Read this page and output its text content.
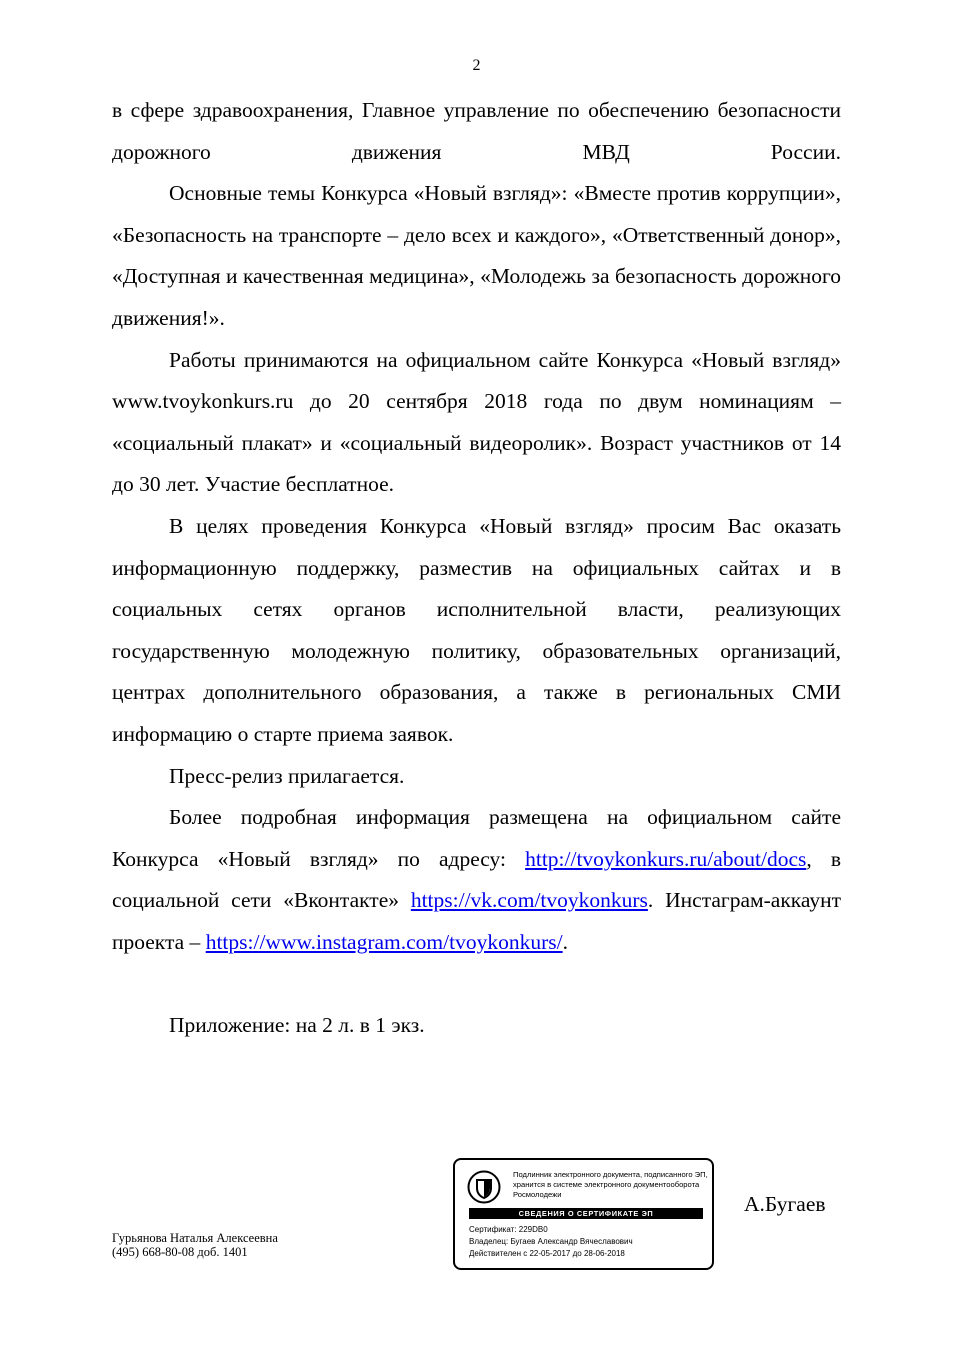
2

в сфере здравоохранения, Главное управление по обеспечению безопасности дорожного движения МВД России.

Основные темы Конкурса «Новый взгляд»: «Вместе против коррупции», «Безопасность на транспорте – дело всех и каждого», «Ответственный донор», «Доступная и качественная медицина», «Молодежь за безопасность дорожного движения!».

Работы принимаются на официальном сайте Конкурса «Новый взгляд» www.tvoykonkurs.ru до 20 сентября 2018 года по двум номинациям – «социальный плакат» и «социальный видеоролик». Возраст участников от 14 до 30 лет. Участие бесплатное.

В целях проведения Конкурса «Новый взгляд» просим Вас оказать информационную поддержку, разместив на официальных сайтах и в социальных сетях органов исполнительной власти, реализующих государственную молодежную политику, образовательных организаций, центрах дополнительного образования, а также в региональных СМИ информацию о старте приема заявок.

Пресс-релиз прилагается.

Более подробная информация размещена на официальном сайте Конкурса «Новый взгляд» по адресу: http://tvoykonkurs.ru/about/docs, в социальной сети «Вконтакте» https://vk.com/tvoykonkurs. Инстаграм-аккаунт проекта – https://www.instagram.com/tvoykonkurs/.

Приложение: на 2 л. в 1 экз.

Подлинник электронного документа, подписанного ЭП, хранится в системе электронного документооборота Росмолодежи
СВЕДЕНИЯ О СЕРТИФИКАТЕ ЭП
Сертификат: 229DB0
Владелец: Бугаев Александр Вячеславович
Действителен с 22-05-2017 до 28-06-2018
А.Бугаев
Гурьянова Наталья Алексеевна
(495) 668-80-08 доб. 1401
